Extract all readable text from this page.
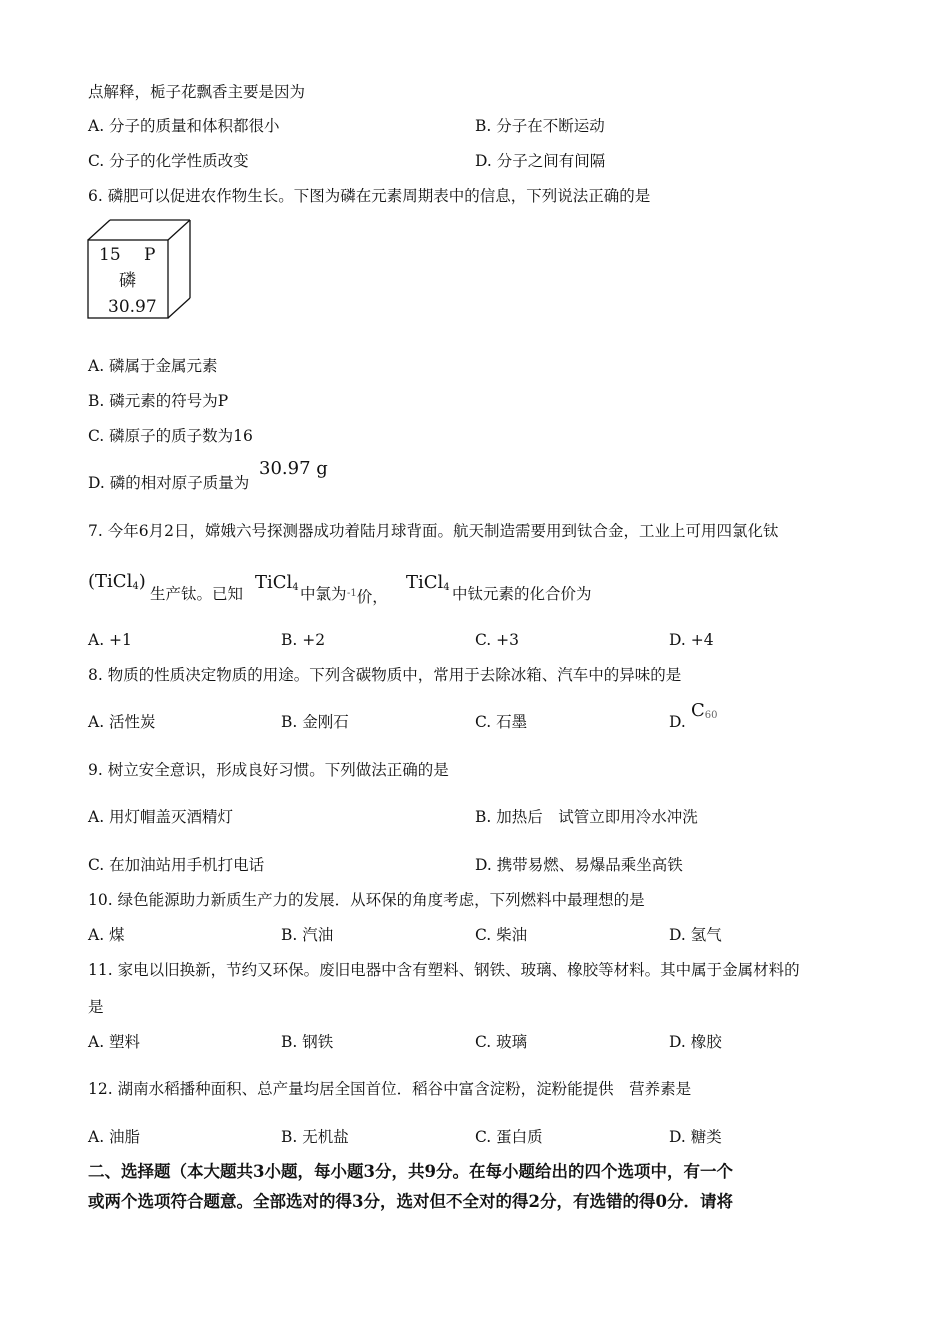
点解释，栀子花飘香主要是因为
A. 分子的质量和体积都很小	B. 分子在不断运动
C. 分子的化学性质改变	D. 分子之间有间隔
6. 磷肥可以促进农作物生长。下图为磷在元素周期表中的信息，下列说法正确的是
15 P
磷
30.97
A. 磷属于金属元素
B. 磷元素的符号为P
C. 磷原子的质子数为16
D. 磷的相对原子质量为
30.97 g
7. 今年6月2日，嫦娥六号探测器成功着陆月球背面。航天制造需要用到钛合金，工业上可用四氯化钛
(TiCl$_4$)
生产钛。已知
TiCl$_4$ 中氯为 $^{-1}$价，
TiCl$_4$ 中钛元素的化合价为
A. +1	B. +2	C. +3	D. +4
8. 物质的性质决定物质的用途。下列含碳物质中，常用于去除冰箱、汽车中的异味的是
A. 活性炭	B. 金刚石	C. 石墨	D.
$C_{60}$
9. 树立安全意识，形成良好习惯。下列做法正确的是
A. 用灯帽盖灭酒精灯	B. 加热后　试管立即用冷水冲洗
C. 在加油站用手机打电话	D. 携带易燃、易爆品乘坐高铁
10. 绿色能源助力新质生产力的发展．从环保的角度考虑，下列燃料中最理想的是
A. 煤	B. 汽油	C. 柴油	D. 氢气
11. 家电以旧换新，节约又环保。废旧电器中含有塑料、钢铁、玻璃、橡胶等材料。其中属于金属材料的
是
A. 塑料	B. 钢铁	C. 玻璃	D. 橡胶
12. 湖南水稻播种面积、总产量均居全国首位．稻谷中富含淀粉，淀粉能提供　营养素是
A. 油脂	B. 无机盐	C. 蛋白质	D. 糖类
二、选择题（本大题共3小题，每小题3分，共9分。在每小题给出的四个选项中，有一个
或两个选项符合题意。全部选对的得3分，选对但不全对的得2分，有选错的得0分．请将
